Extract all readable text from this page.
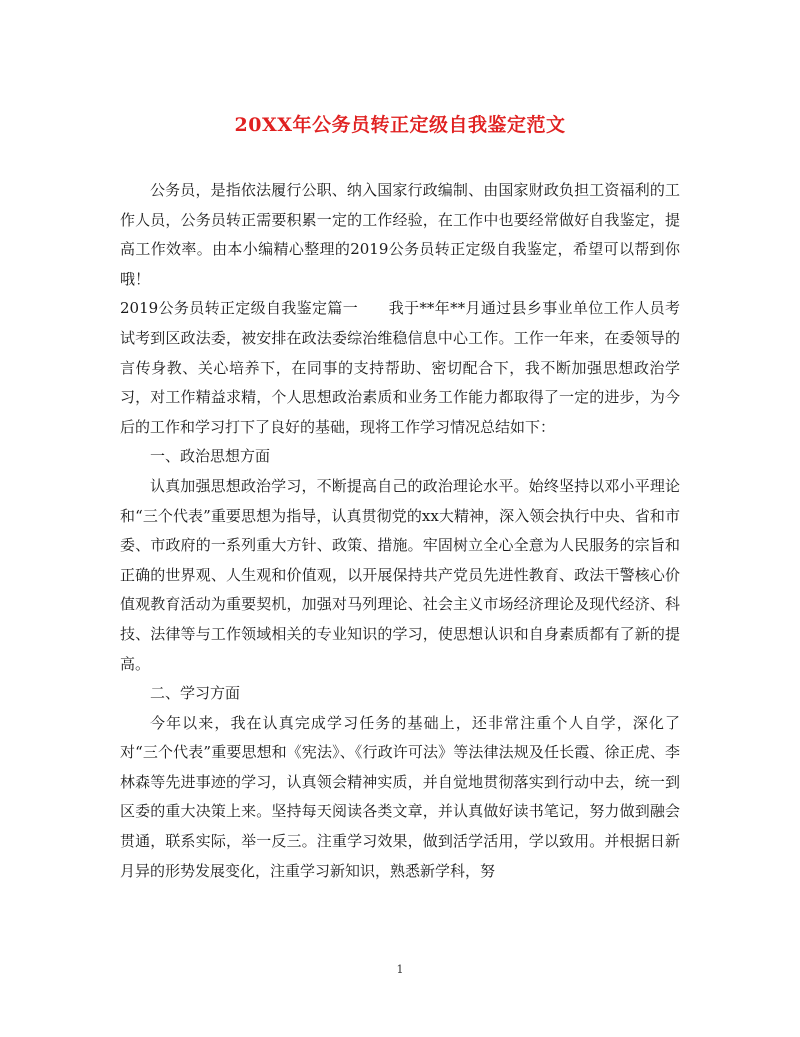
20XX年公务员转正定级自我鉴定范文

公务员，是指依法履行公职、纳入国家行政编制、由国家财政负担工资福利的工作人员，公务员转正需要积累一定的工作经验，在工作中也要经常做好自我鉴定，提高工作效率。由本小编精心整理的2019公务员转正定级自我鉴定，希望可以帮到你哦！

2019公务员转正定级自我鉴定篇一　　我于**年**月通过县乡事业单位工作人员考试考到区政法委，被安排在政法委综治维稳信息中心工作。工作一年来，在委领导的言传身教、关心培养下，在同事的支持帮助、密切配合下，我不断加强思想政治学习，对工作精益求精，个人思想政治素质和业务工作能力都取得了一定的进步，为今后的工作和学习打下了良好的基础，现将工作学习情况总结如下：

一、政治思想方面

认真加强思想政治学习，不断提高自己的政治理论水平。始终坚持以邓小平理论和“三个代表”重要思想为指导，认真贯彻党的xx大精神，深入领会执行中央、省和市委、市政府的一系列重大方针、政策、措施。牢固树立全心全意为人民服务的宗旨和正确的世界观、人生观和价值观，以开展保持共产党员先进性教育、政法干警核心价值观教育活动为重要契机，加强对马列理论、社会主义市场经济理论及现代经济、科技、法律等与工作领域相关的专业知识的学习，使思想认识和自身素质都有了新的提高。

二、学习方面

今年以来，我在认真完成学习任务的基础上，还非常注重个人自学，深化了对“三个代表”重要思想和《宪法》、《行政许可法》等法律法规及任长霞、徐正虎、李林森等先进事迹的学习，认真领会精神实质，并自觉地贯彻落实到行动中去，统一到区委的重大决策上来。坚持每天阅读各类文章，并认真做好读书笔记，努力做到融会贯通，联系实际，举一反三。注重学习效果，做到活学活用，学以致用。并根据日新月异的形势发展变化，注重学习新知识，熟悉新学科，努

1
